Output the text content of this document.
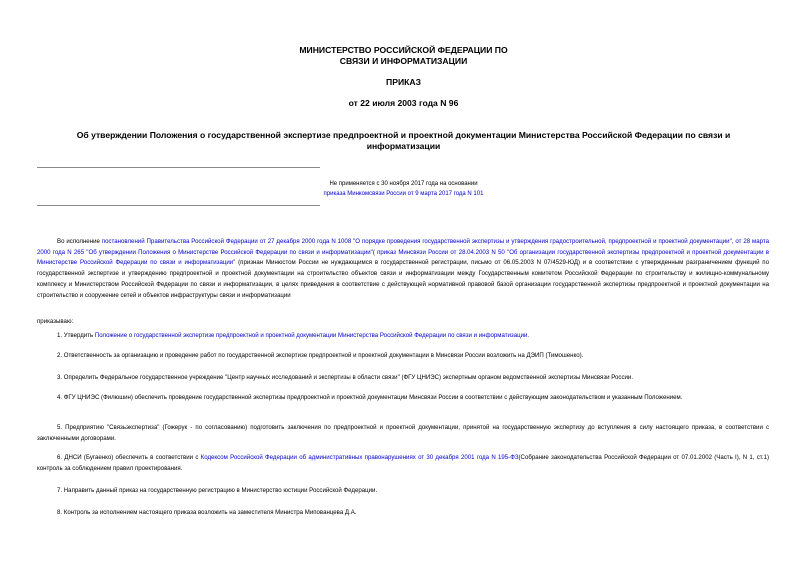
МИНИСТЕРСТВО РОССИЙСКОЙ ФЕДЕРАЦИИ ПО
СВЯЗИ И ИНФОРМАТИЗАЦИИ
ПРИКАЗ
от 22 июля 2003 года N 96
Об утверждении Положения о государственной экспертизе предпроектной и проектной документации Министерства Российской Федерации по связи и
информатизации
Не применяется с 30 ноября 2017 года на основании
приказа Минкомсвязи России от 9 марта 2017 года N 101
Во исполнение постановлений Правительства Российской Федерации от 27 декабря 2000 года N 1008 "О порядке проведения государственной экспертизы и утверждения градостроительной, предпроектной и проектной документации", от 28 марта 2000 года N 265 "Об утверждении Положения о Министерстве Российской Федерации по связи и информатизации"( приказ Минсвязи России от 28.04.2003 N 50 "Об организации государственной экспертизы предпроектной и проектной документации в Министерстве Российской Федерации по связи и информатизации" (признан Минюстом России не нуждающимся в государственной регистрации, письмо от 06.05.2003 N 07/4529-ЮД) и в соответствии с утвержденным разграничением функций по государственной экспертизе и утверждению предпроектной и проектной документации на строительство объектов связи и информатизации между Государственным комитетом Российской Федерации по строительству и жилищно-коммунальному комплексу и Министерством Российской Федерации по связи и информатизации, в целях приведения в соответствие с действующей нормативной правовой базой организации государственной экспертизы предпроектной и проектной документации на строительство и сооружение сетей и объектов инфраструктуры связи и информатизации
приказываю:
1. Утвердить Положение о государственной экспертизе предпроектной и проектной документации Министерства Российской Федерации по связи и информатизации.
2. Ответственность за организацию и проведение работ по государственной экспертизе предпроектной и проектной документации в Минсвязи России возложить на ДЭИП (Тимошенко).
3. Определить Федеральное государственное учреждение "Центр научных исследований и экспертизы в области связи" (ФГУ ЦНИЭС) экспертным органом ведомственной экспертизы Минсвязи России.
4. ФГУ ЦНИЭС (Филюшин) обеспечить проведение государственной экспертизы предпроектной и проектной документации Минсвязи России в соответствии с действующим законодательством и указанным Положением.
5. Предприятию "Связьэкспертиза" (Гожерук - по согласованию) подготовить заключения по предпроектной и проектной документации, принятой на государственную экспертизу до вступления в силу настоящего приказа, в соответствии с заключенными договорами.
6. ДНСИ (Бугаенко) обеспечить в соответствии с Кодексом Российской Федерации об административных правонарушениях от 30 декабря 2001 года N 195-ФЗ(Собрание законодательства Российской Федерации от 07.01.2002 (Часть I), N 1, ст.1) контроль за соблюдением правил проектирования.
7. Направить данный приказ на государственную регистрацию в Министерство юстиции Российской Федерации.
8. Контроль за исполнением настоящего приказа возложить на заместителя Министра Мипованцева Д.А.
